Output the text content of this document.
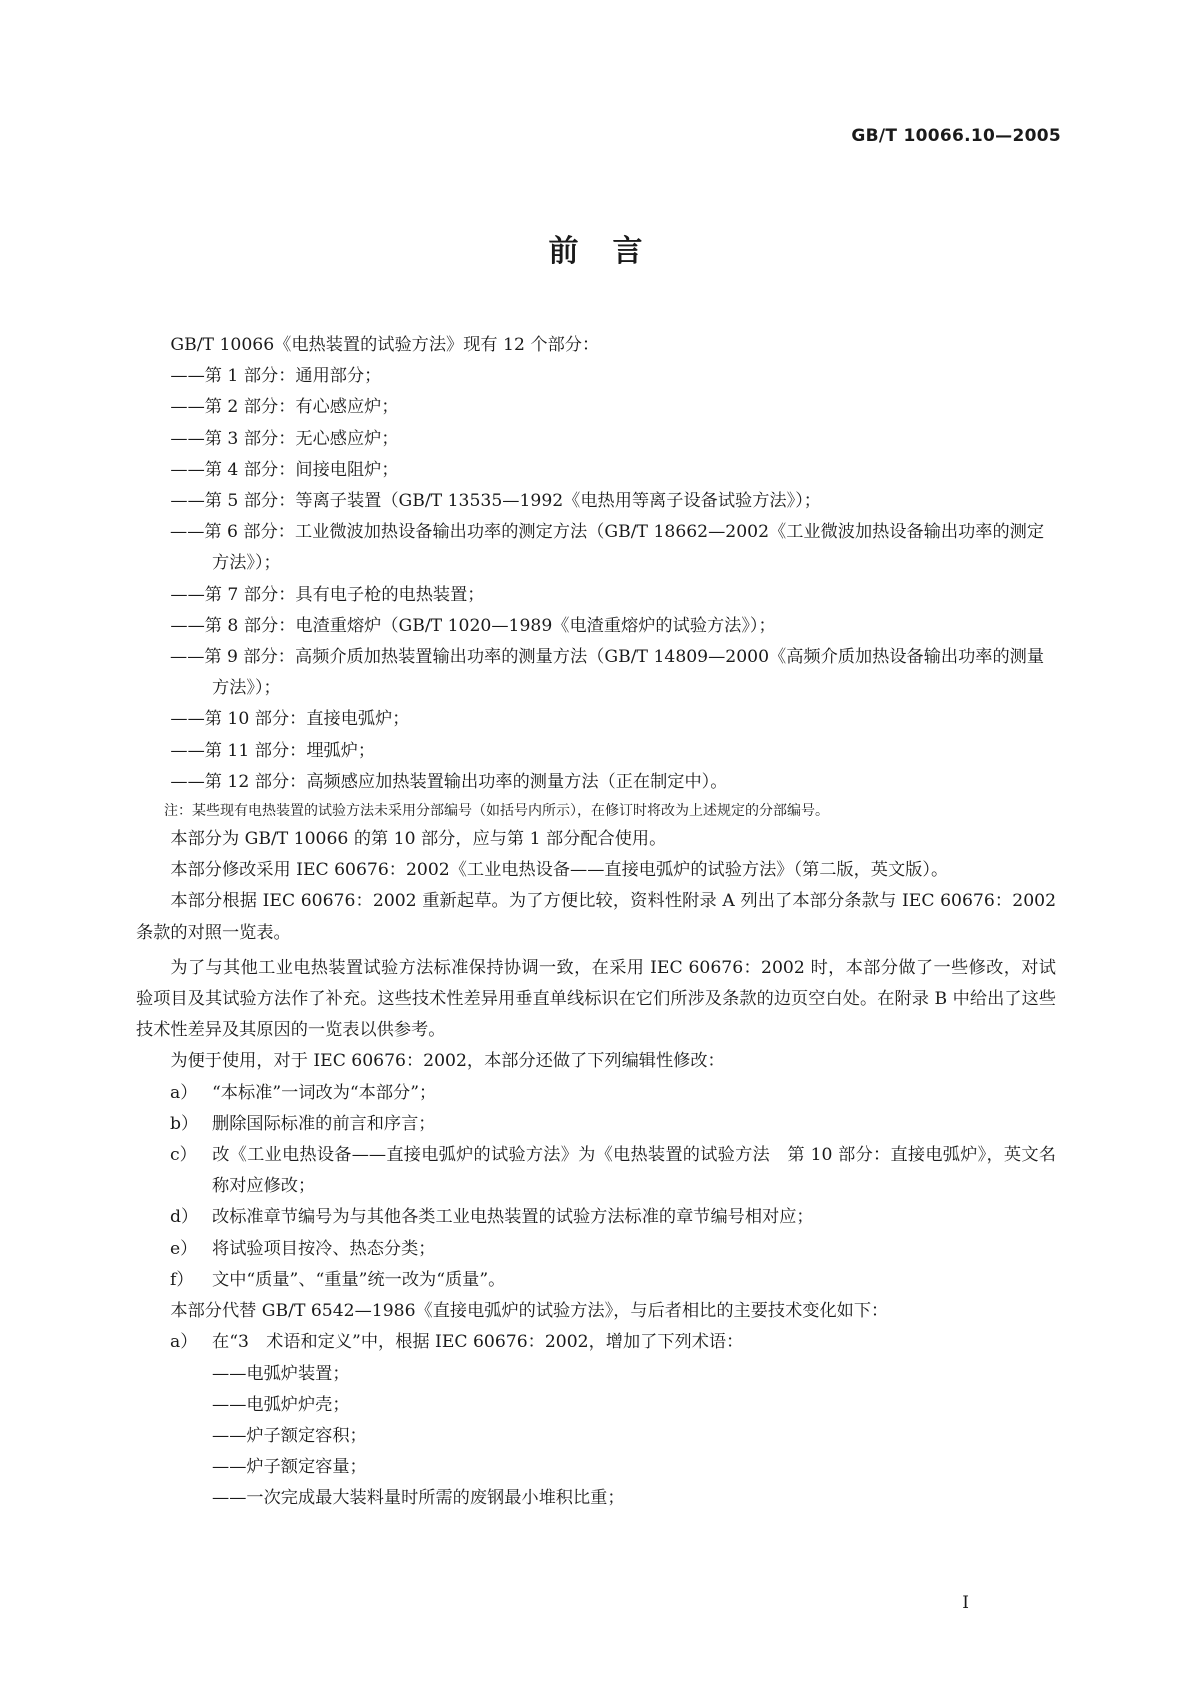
GB/T 10066.10—2005
前言

GB/T 10066《电热装置的试验方法》现有 12 个部分：

——第 1 部分：通用部分；

——第 2 部分：有心感应炉；

——第 3 部分：无心感应炉；

——第 4 部分：间接电阻炉；

——第 5 部分：等离子装置（GB/T 13535—1992《电热用等离子设备试验方法》）；

——第 6 部分：工业微波加热设备输出功率的测定方法（GB/T 18662—2002《工业微波加热设备输出功率的测定方法》）；

——第 7 部分：具有电子枪的电热装置；

——第 8 部分：电渣重熔炉（GB/T 1020—1989《电渣重熔炉的试验方法》）；

——第 9 部分：高频介质加热装置输出功率的测量方法（GB/T 14809—2000《高频介质加热设备输出功率的测量方法》）；

——第 10 部分：直接电弧炉；

——第 11 部分：埋弧炉；

——第 12 部分：高频感应加热装置输出功率的测量方法（正在制定中）。

注：某些现有电热装置的试验方法未采用分部编号（如括号内所示），在修订时将改为上述规定的分部编号。

本部分为 GB/T 10066 的第 10 部分，应与第 1 部分配合使用。

本部分修改采用 IEC 60676：2002《工业电热设备——直接电弧炉的试验方法》（第二版，英文版）。

本部分根据 IEC 60676：2002 重新起草。为了方便比较，资料性附录 A 列出了本部分条款与 IEC 60676：2002条款的对照一览表。

为了与其他工业电热装置试验方法标准保持协调一致，在采用 IEC 60676：2002 时，本部分做了一些修改，对试验项目及其试验方法作了补充。这些技术性差异用垂直单线标识在它们所涉及条款的边页空白处。在附录 B 中给出了这些技术性差异及其原因的一览表以供参考。

为便于使用，对于 IEC 60676：2002，本部分还做了下列编辑性修改：

a） “本标准”一词改为“本部分”；

b） 删除国际标准的前言和序言；

c） 改《工业电热设备——直接电弧炉的试验方法》为《电热装置的试验方法　第 10 部分：直接电弧炉》，英文名称对应修改；

d） 改标准章节编号为与其他各类工业电热装置的试验方法标准的章节编号相对应；

e） 将试验项目按冷、热态分类；

f） 文中“质量”、“重量”统一改为“质量”。

本部分代替 GB/T 6542—1986《直接电弧炉的试验方法》，与后者相比的主要技术变化如下：

a） 在“3　术语和定义”中，根据 IEC 60676：2002，增加了下列术语：

——电弧炉装置；

——电弧炉炉壳；

——炉子额定容积；

——炉子额定容量；

——一次完成最大装料量时所需的废钢最小堆积比重；

I
